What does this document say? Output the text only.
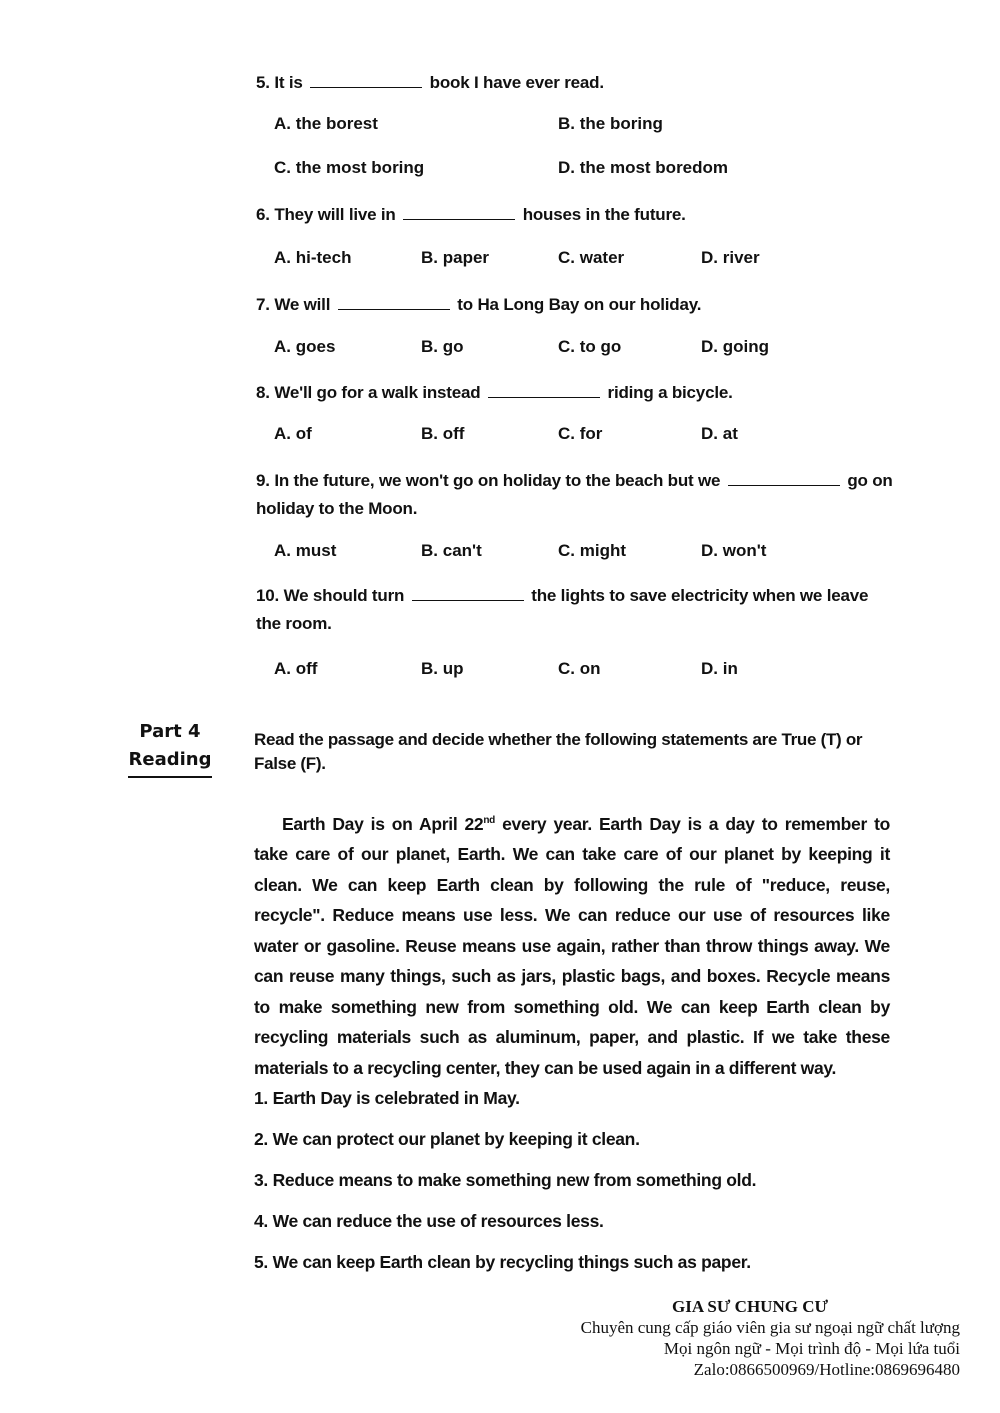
5. It is	book I have ever read.
A. the borest	B. the boring
C. the most boring	D. the most boredom
6. They will live in	houses in the future.
A. hi-tech	B. paper	C. water	D. river
7. We will	to Ha Long Bay on our holiday.
A. goes	B. go	C. to go	D. going
8. We'll go for a walk instead	riding a bicycle.
A. of	B. off	C. for	D. at
9. In the future, we won't go on holiday to the beach but we	go on holiday to the Moon.
A. must	B. can't	C. might	D. won't
10. We should turn	the lights to save electricity when we leave the room.
A. off	B. up	C. on	D. in
Part 4
Reading
Read the passage and decide whether the following statements are True (T) or False (F).
Earth Day is on April 22nd every year. Earth Day is a day to remember to take care of our planet, Earth. We can take care of our planet by keeping it clean. We can keep Earth clean by following the rule of "reduce, reuse, recycle". Reduce means use less. We can reduce our use of resources like water or gasoline. Reuse means use again, rather than throw things away. We can reuse many things, such as jars, plastic bags, and boxes. Recycle means to make something new from something old. We can keep Earth clean by recycling materials such as aluminum, paper, and plastic. If we take these materials to a recycling center, they can be used again in a different way.
1. Earth Day is celebrated in May.
2. We can protect our planet by keeping it clean.
3. Reduce means to make something new from something old.
4. We can reduce the use of resources less.
5. We can keep Earth clean by recycling things such as paper.
GIA SƯ CHUNG CƯ
Chuyên cung cấp giáo viên gia sư ngoại ngữ chất lượng
Mọi ngôn ngữ - Mọi trình độ - Mọi lứa tuổi
Zalo:0866500969/Hotline:0869696480
